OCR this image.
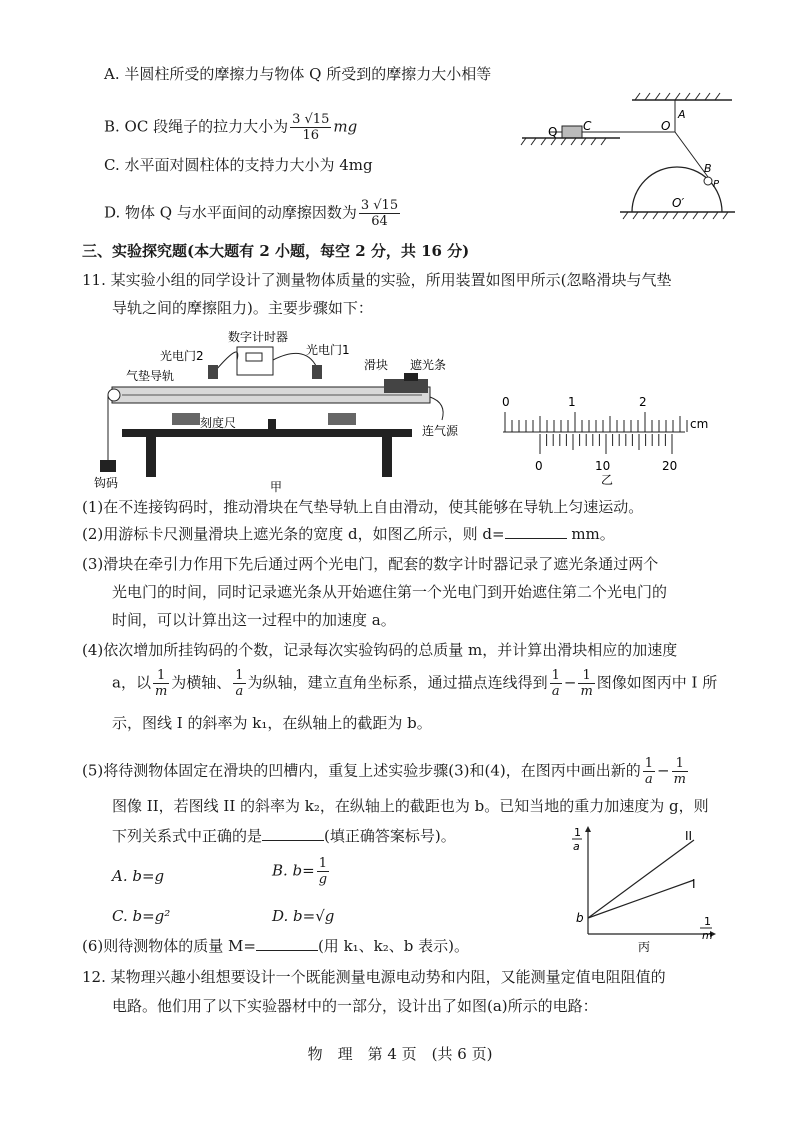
A. 半圆柱所受的摩擦力与物体 Q 所受到的摩擦力大小相等
B. OC 段绳子的拉力大小为 $\frac{3 √15}{16}$ mg
C. 水平面对圆柱体的支持力大小为 4mg
D. 物体 Q 与水平面间的动摩擦因数为 $\frac{3 √15}{64}$
Q C	O
A
B
P
O′
三、实验探究题(本大题有 2 小题，每空 2 分，共 16 分)
11. 某实验小组的同学设计了测量物体质量的实验，所用装置如图甲所示(忽略滑块与气垫
导轨之间的摩擦阻力)。主要步骤如下：
数字计时器
光电门2	光电门1
滑块 遮光条
气垫导轨
刻度尺
连气源
钩码	甲
0	1	2
cm
0	10	20
乙
(1)在不连接钩码时，推动滑块在气垫导轨上自由滑动，使其能够在导轨上匀速运动。
(2)用游标卡尺测量滑块上遮光条的宽度 d，如图乙所示，则 d=	mm。
(3)滑块在牵引力作用下先后通过两个光电门，配套的数字计时器记录了遮光条通过两个
光电门的时间，同时记录遮光条从开始遮住第一个光电门到开始遮住第二个光电门的
时间，可以计算出这一过程中的加速度 a。
(4)依次增加所挂钩码的个数，记录每次实验钩码的总质量 m，并计算出滑块相应的加速度
a，以 $\frac{1}{m}$ 为横轴、 $\frac{1}{a}$ 为纵轴，建立直角坐标系，通过描点连线得到 $\frac{1}{a} - \frac{1}{m}$ 图像如图丙中 I 所
示，图线 I 的斜率为 k₁，在纵轴上的截距为 b。
(5)将待测物体固定在滑块的凹槽内，重复上述实验步骤(3)和(4)，在图丙中画出新的 $\frac{1}{a} - \frac{1}{m}$
图像 II，若图线 II 的斜率为 k₂，在纵轴上的截距也为 b。已知当地的重力加速度为 g，则
下列关系式中正确的是	(填正确答案标号)。
A. b=g	B. $b= \frac{1}{g}$
C. b=g²	D. b=√g
(6)则待测物体的质量 M=	(用 k₁、k₂、b 表示)。
1
a
b
II
I
1
m
丙
12. 某物理兴趣小组想要设计一个既能测量电源电动势和内阻，又能测量定值电阻阻值的
电路。他们用了以下实验器材中的一部分，设计出了如图(a)所示的电路：
物　理　第 4 页　(共 6 页)
